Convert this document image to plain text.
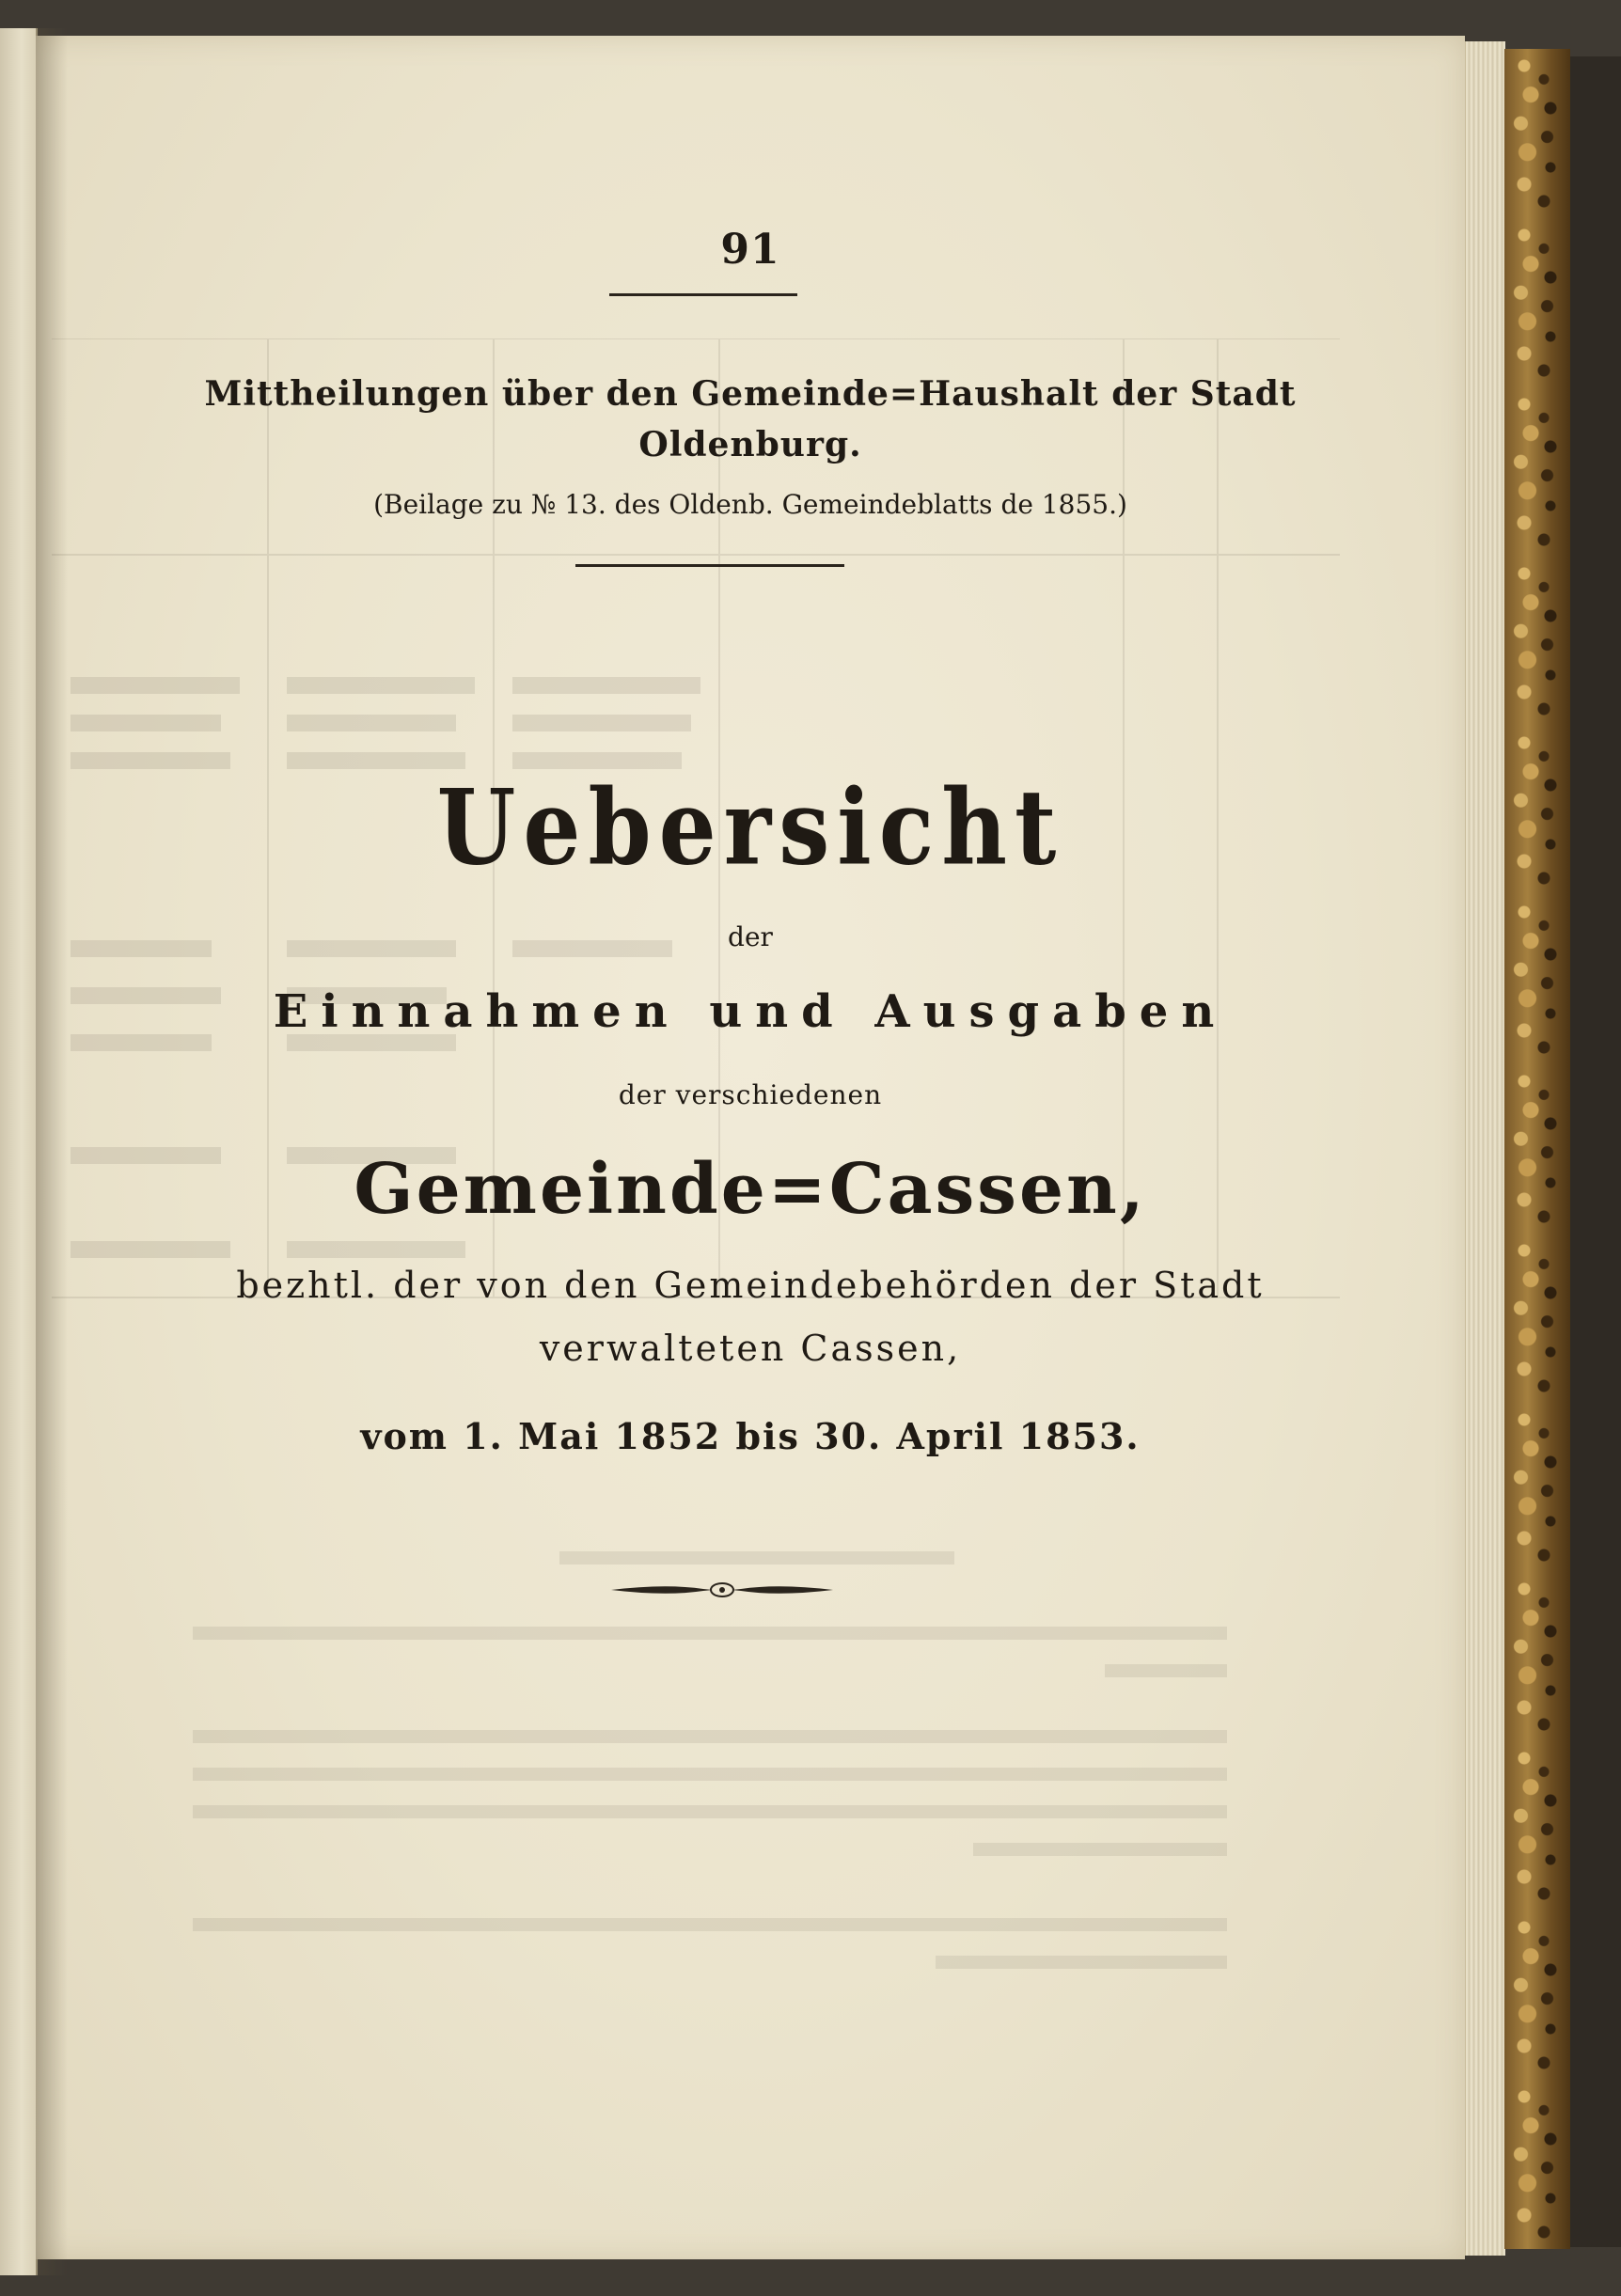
91
Mittheilungen über den Gemeinde=Haushalt der Stadt
Oldenburg.
(Beilage zu № 13. des Oldenb. Gemeindeblatts de 1855.)
Uebersicht
der
Einnahmen und Ausgaben
der verschiedenen
Gemeinde=Cassen,
bezhtl. der von den Gemeindebehörden der Stadt
verwalteten Cassen,
vom 1. Mai 1852 bis 30. April 1853.
